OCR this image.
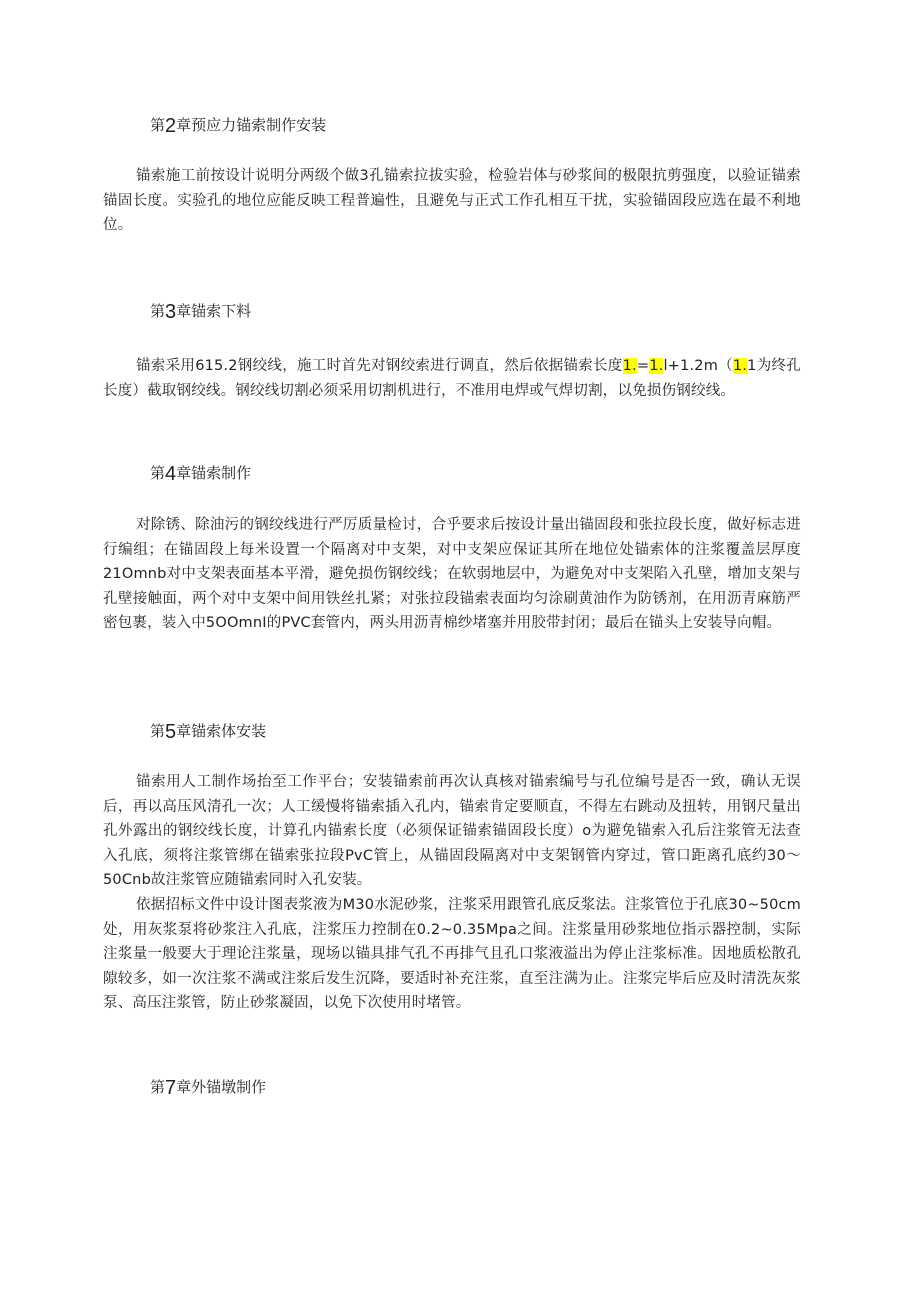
第2章预应力锚索制作安装

锚索施工前按设计说明分两级个做3孔锚索拉拔实验，检验岩体与砂浆间的极限抗剪强度，以验证锚索锚固长度。实验孔的地位应能反映工程普遍性，且避免与正式工作孔相互干扰，实验锚固段应选在最不利地位。

第3章锚索下料

锚索采用615.2钢绞线，施工时首先对钢绞索进行调直，然后依据锚索长度1.=1.l+1.2m（1.1为终孔长度）截取钢绞线。钢绞线切割必须采用切割机进行，不准用电焊或气焊切割，以免损伤钢绞线。

第4章锚索制作

对除锈、除油污的钢绞线进行严厉质量检讨，合乎要求后按设计量出锚固段和张拉段长度，做好标志进行编组；在锚固段上每米设置一个隔离对中支架，对中支架应保证其所在地位处锚索体的注浆覆盖层厚度21Omnb对中支架表面基本平滑，避免损伤钢绞线；在软弱地层中，为避免对中支架陷入孔壁，增加支架与孔壁接触面，两个对中支架中间用铁丝扎紧；对张拉段锚索表面均匀涂刷黄油作为防锈剂，在用沥青麻筋严密包裹，装入中5OOmnI的PVC套管内，两头用沥青棉纱堵塞并用胶带封闭；最后在锚头上安装导向帽。

第5章锚索体安装

锚索用人工制作场抬至工作平台；安装锚索前再次认真核对锚索编号与孔位编号是否一致，确认无误后，再以高压风清孔一次；人工缓慢将锚索插入孔内，锚索肯定要顺直，不得左右跳动及扭转，用钢尺量出孔外露出的钢绞线长度，计算孔内锚索长度（必须保证锚索锚固段长度）o为避免锚索入孔后注浆管无法查入孔底，须将注浆管绑在锚索张拉段PvC管上，从锚固段隔离对中支架钢管内穿过，管口距离孔底约30〜50Cnb故注浆管应随锚索同时入孔安装。

依据招标文件中设计图表浆液为M30水泥砂浆，注浆采用跟管孔底反浆法。注浆管位于孔底30~50cm处，用灰浆泵将砂浆注入孔底，注浆压力控制在0.2~0.35Mpa之间。注浆量用砂浆地位指示器控制，实际注浆量一般要大于理论注浆量，现场以锚具排气孔不再排气且孔口浆液溢出为停止注浆标准。因地质松散孔隙较多，如一次注浆不满或注浆后发生沉降，要适时补充注浆，直至注满为止。注浆完毕后应及时清洗灰浆泵、高压注浆管，防止砂浆凝固，以免下次使用时堵管。

第7章外锚墩制作
